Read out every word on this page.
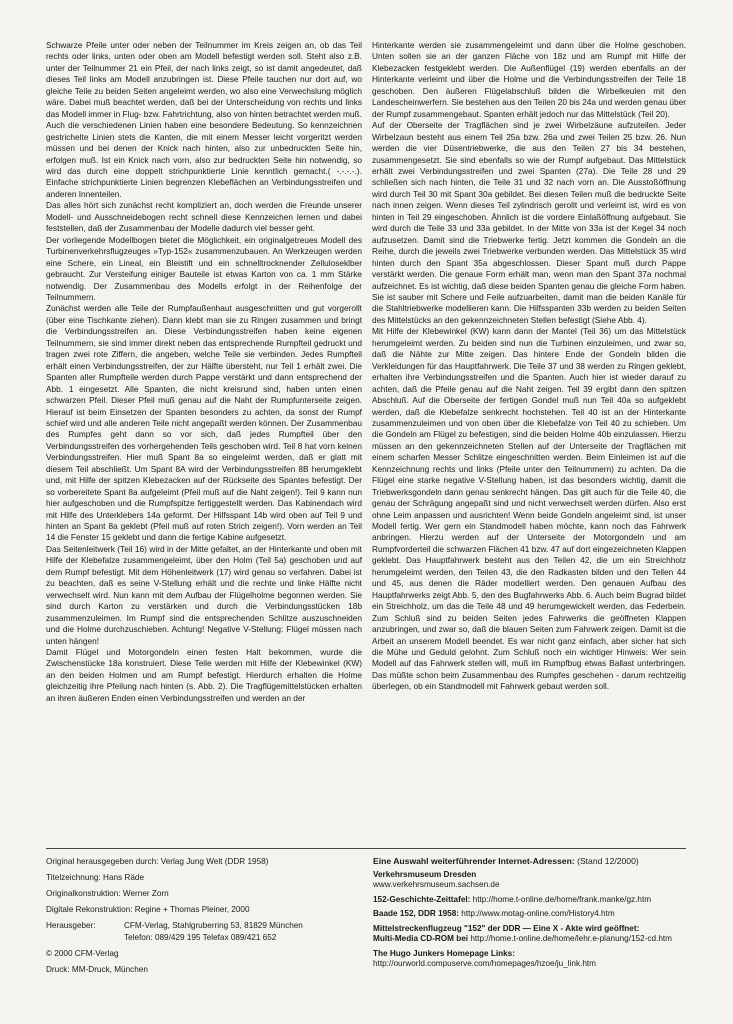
Schwarze Pfeile unter oder neben der Teilnummer im Kreis zeigen an, ob das Teil rechts oder links, unten oder oben am Modell befestigt werden soll. Steht also z.B. unter der Teilnummer 21 ein Pfeil, der nach links zeigt, so ist damit angedeutet, daß dieses Teil links am Modell anzubringen ist. Diese Pfeile tauchen nur dort auf, wo gleiche Teile zu beiden Seiten angeleimt werden, wo also eine Verwechslung möglich wäre. Dabei muß beachtet werden, daß bei der Unterscheidung von rechts und links das Modell immer in Flug- bzw. Fahrtrichtung, also von hinten betrachtet werden muß.

Auch die verschiedenen Linien haben eine besondere Bedeutung. So kennzeichnen gestrichelte Linien stets die Kanten, die mit einem Messer leicht vorgeritzt werden müssen und bei denen der Knick nach hinten, also zur unbedruckten Seite hin, erfolgen muß. Ist ein Knick nach vorn, also zur bedruckten Seite hin notwendig, so wird das durch eine doppelt strichpunktierte Linie kenntlich gemacht.( -.-.-.-.). Einfache strichpunktierte Linien begrenzen Klebeflächen an Verbindungsstreifen und anderen Innenteilen.

Das alles hört sich zunächst recht kompliziert an, doch werden die Freunde unserer Modell- und Ausschneidebogen recht schnell diese Kennzeichen lernen und dabei feststellen, daß der Zusammenbau der Modelle dadurch viel besser geht.

Der vorliegende Modellbogen bietet die Möglichkeit, ein originalgetreues Modell des Turbinenverkehrsflugzeuges »Typ-152« zusammenzubauen. An Werkzeugen werden eine Schere, ein Lineal, ein Bleistift und ein schnelltrocknender Zelluloseklber gebraucht. Zur Versteifung einiger Bauteile ist etwas Karton von ca. 1 mm Stärke notwendig. Der Zusammenbau des Modells erfolgt in der Reihenfolge der Teilnummern.

Zunächst werden alle Teile der Rumpfaußenhaut ausgeschnitten und gut vorgerollt (über eine Tischkante ziehen). Dann klebt man sie zu Ringen zusammen und bringt die Verbindungsstreifen an. Diese Verbindungsstreifen haben keine eigenen Teilnummern, sie sind immer direkt neben das entsprechende Rumpfteil gedruckt und tragen zwei rote Ziffern, die angeben, welche Teile sie verbinden. Jedes Rumpfteil erhält einen Verbindungsstreifen, der zur Hälfte übersteht, nur Teil 1 erhält zwei. Die Spanten aller Rumpfteile werden durch Pappe verstärkt und dann entsprechend der Abb. 1 eingesetzt. Alle Spanten, die nicht kreisrund sind, haben unten einen schwarzen Pfeil. Dieser Pfeil muß genau auf die Naht der Rumpfunterseite zeigen. Hierauf ist beim Einsetzen der Spanten besonders zu achten, da sonst der Rumpf schief wird und alle anderen Teile nicht angepaßt werden können. Der Zusammenbau des Rumpfes geht dann so vor sich, daß jedes Rumpfteil über den Verbindungsstreifen des vorhergehenden Teils geschoben wird. Teil 8 hat vorn keinen Verbindungsstreifen. Hier muß Spant 8a so eingeleimt werden, daß er glatt mit diesem Teil abschließt. Um Spant 8A wird der Verbindungsstreifen 8B herumgeklebt und, mit Hilfe der spitzen Klebezacken auf der Rückseite des Spantes befestigt. Der so vorbereitete Spant 8a aufgeleimt (Pfeil muß auf die Naht zeigen!). Teil 9 kann nun hier aufgeschoben und die Rumpfspitze fertiggestellt werden. Das Kabinendach wird mit Hilfe des Unterklebers 14a geformt. Der Hilfsspant 14b wird oben auf Teil 9 und hinten an Spant 8a geklebt (Pfeil muß auf roten Strich zeigen!). Vorn werden an Teil 14 die Fenster 15 geklebt und dann die fertige Kabine aufgesetzt.

Das Seitenleitwerk (Teil 16) wird in der Mitte gefaltet, an der Hinterkante und oben mit Hilfe der Klebefalze zusammengeleimt, über den Holm (Teil 5a) geschoben und auf dem Rumpf befestigt. Mit dem Höhenleitwerk (17) wird genau so verfahren. Dabei ist zu beachten, daß es seine V-Stellung erhält und die rechte und linke Hälfte nicht verwechselt wird. Nun kann mit dem Aufbau der Flügelholme begonnen werden. Sie sind durch Karton zu verstärken und durch die Verbindungsstücken 18b zusammenzuleimen. Im Rumpf sind die entsprechenden Schlitze auszuschneiden und die Holme durchzuschieben. Achtung! Negative V-Stellung: Flügel müssen nach unten hängen!

Damit Flügel und Motorgondeln einen festen Halt bekommen, wurde die Zwischenstücke 18a konstruiert. Diese Teile werden mit Hilfe der Klebewinkel (KW) an den beiden Holmen und am Rumpf befestigt. Hierdurch erhalten die Holme gleichzeitig ihre Pfeilung nach hinten (s. Abb. 2). Die Tragflügemittelstücken erhalten an ihren äußeren Enden einen Verbindungsstreifen und werden an der

Hinterkante werden sie zusammengeleimt und dann über die Holme geschoben. Unten sollen sie an der ganzen Fläche von 18z und am Rumpf mit Hilfe der Klebezacken festgeklebt werden. Die Außenflügel (19) werden ebenfalls an der Hinterkante verleimt und über die Holme und die Verbindungsstreifen der Teile 18 geschoben. Den äußeren Flügelabschluß bilden die Wirbelkeulen mit den Landescheinwerfern. Sie bestehen aus den Teilen 20 bis 24a und werden genau über der Rumpf zusammengebaut. Spanten erhält jedoch nur das Mittelstück (Teil 20).

Auf der Oberseite der Tragflächen sind je zwei Wirbelzäune aufzuteilen. Jeder Wirbelzaun besteht aus einem Teil 25a bzw. 26a und zwei Teilen 25 bzw. 26. Nun werden die vier Düsentriebwerke, die aus den Teilen 27 bis 34 bestehen, zusammengesetzt. Sie sind ebenfalls so wie der Rumpf aufgebaut. Das Mittelstück erhält zwei Verbindungsstreifen und zwei Spanten (27a). Die Teile 28 und 29 schließen sich nach hinten, die Teile 31 und 32 nach vorn an. Die Ausstoßöffnung wird durch Teil 30 mit Spant 30a gebildet. Bei diesen Teilen muß die bedruckte Seite nach innen zeigen. Wenn dieses Teil zylindrisch gerollt und verleimt ist, wird es von hinten in Teil 29 eingeschoben. Ähnlich ist die vordere Einlaßöffnung aufgebaut. Sie wird durch die Teile 33 und 33a gebildet. In der Mitte von 33a ist der Kegel 34 noch aufzusetzen. Damit sind die Triebwerke fertig. Jetzt kommen die Gondeln an die Reihe, durch die jeweils zwei Triebwerke verbunden werden. Das Mittelstück 35 wird hinten durch den Spant 35a abgeschlossen. Dieser Spant muß durch Pappe verstärkt werden. Die genaue Form erhält man, wenn man den Spant 37a nochmal aufzeichnet. Es ist wichtig, daß diese beiden Spanten genau die gleiche Form haben. Sie ist sauber mit Schere und Feile aufzuarbeiten, damit man die beiden Kanäle für die Stahltriebwerke modellieren kann. Die Hilfsspanten 33b werden zu beiden Seiten des Mittelstücks an den gekennzeichneten Stellen befestigt (Siehe Abb. 4).

Mit Hilfe der Klebewinkel (KW) kann dann der Mantel (Teil 36) um das Mittelstück herumgeleimt werden. Zu beiden sind nun die Turbinen einzuleimen, und zwar so, daß die Nähte zur Mitte zeigen. Das hintere Ende der Gondeln bilden die Verkleidungen für das Hauptfahrwerk. Die Teile 37 und 38 werden zu Ringen geklebt, erhalten ihre Verbindungsstreifen und die Spanten. Auch hier ist wieder darauf zu achten, daß die Pfeile genau auf die Naht zeigen. Teil 39 ergibt dann den spitzen Abschluß. Auf die Oberseite der fertigen Gondel muß nun Teil 40a so aufgeklebt werden, daß die Klebefalze senkrecht hochstehen. Teil 40 ist an der Hinterkante zusammenzuleimen und von oben über die Klebefalze von Teil 40 zu schieben. Um die Gondeln am Flügel zu befestigen, sind die beiden Holme 40b einzulassen. Hierzu müssen an den gekennzeichneten Stellen auf der Unterseite der Tragflächen mit einem scharfen Messer Schlitze eingeschnitten werden. Beim Einleimen ist auf die Kennzeichnung rechts und links (Pfeile unter den Teilnummern) zu achten. Da die Flügel eine starke negative V-Stellung haben, ist das besonders wichtig, damit die Triebwerksgondeln dann genau senkrecht hängen. Das gilt auch für die Teile 40, die genau der Schrägung angepaßt sind und nicht verwechselt werden dürfen. Also erst ohne Leim anpassen und ausrichten! Wenn beide Gondeln angeleimt sind, ist unser Modell fertig. Wer gern ein Standmodell haben möchte, kann noch das Fahrwerk anbringen. Hierzu werden auf der Unterseite der Motorgondeln und am Rumpfvorderteil die schwarzen Flächen 41 bzw. 47 auf dort eingezeichneten Klappen geklebt. Das Hauptfahrwerk besteht aus den Teilen 42, die um ein Streichholz herumgeleimt werden, den Teilen 43, die den Radkasten bilden und den Teilen 44 und 45, aus denen die Räder modelliert werden. Den genauen Aufbau des Hauptfahrwerks zeigt Abb. 5, den des Bugfahrwerks Abb. 6. Auch beim Bugrad bildet ein Streichholz, um das die Teile 48 und 49 herumgewickelt werden, das Federbein. Zum Schluß sind zu beiden Seiten jedes Fahrwerks die geöffneten Klappen anzubringen, und zwar so, daß die blauen Seiten zum Fahrwerk zeigen. Damit ist die Arbeit an unserem Modell beendet. Es war nicht ganz einfach, aber sicher hat sich die Mühe und Geduld gelohnt. Zum Schluß noch ein wichtiger Hinweis: Wer sein Modell auf das Fahrwerk stellen will, muß im Rumpfbug etwas Ballast unterbringen. Das müßte schon beim Zusammenbau des Rumpfes geschehen - darum rechtzeitig überlegen, ob ein Standmodell mit Fahrwerk gebaut werden soll.

Original herausgegeben durch: Verlag Jung Welt (DDR 1958)
Titelzeichnung: Hans Räde
Originalkonstruktion: Werner Zorn
Digitale Rekonstruktion: Regine + Thomas Pleiner, 2000
Herausgeber:	CFM-Verlag, Stahlgruberring 53, 81829 München
Telefon: 089/429 195 Telefax 089/421 652
© 2000 CFM-Verlag
Druck: MM-Druck, München
Eine Auswahl weiterführender Internet-Adressen: (Stand 12/2000)
Verkehrsmuseum Dresden
www.verkehrsmuseum.sachsen.de
152-Geschichte-Zeittafel: http://home.t-online.de/home/frank.manke/gz.htm
Baade 152, DDR 1958: http://www.motag-online.com/History4.htm
Mittelstreckenflugzeug "152" der DDR — Eine X - Akte wird geöffnet:
Multi-Media CD-ROM bei http://home.t-online.de/home/lehr.e-planung/152-cd.htm
The Hugo Junkers Homepage Links:
http://ourworld.compuserve.com/homepages/hzoe/ju_link.htm
